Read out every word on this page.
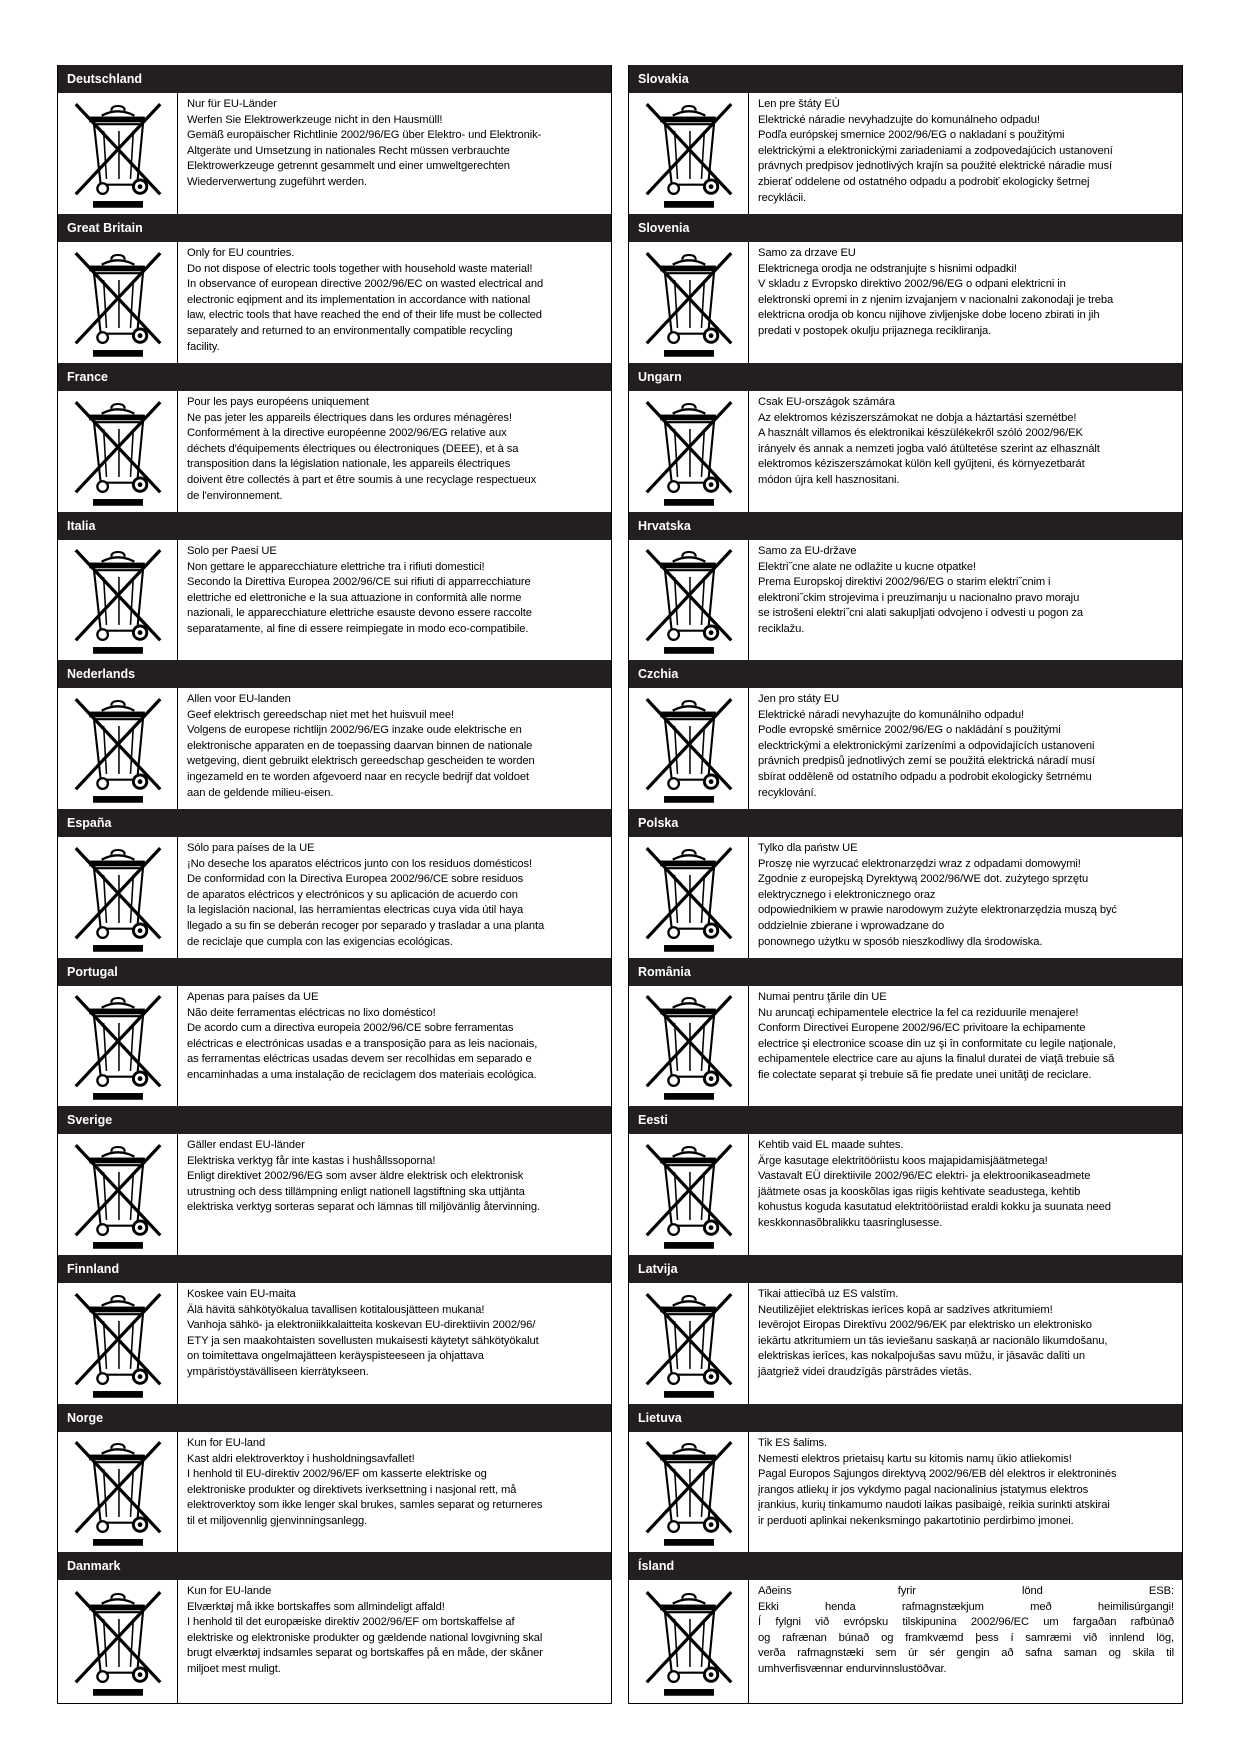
Deutschland
Nur für EU-Länder
Werfen Sie Elektrowerkzeuge nicht in den Hausmüll!
Gemäß europäischer Richtlinie 2002/96/EG über Elektro- und Elektronik-
Altgeräte und Umsetzung in nationales Recht müssen verbrauchte
Elektrowerkzeuge getrennt gesammelt und einer umweltgerechten
Wiederverwertung zugeführt werden.
Great Britain
Only for EU countries.
Do not dispose of electric tools together with household waste material!
In observance of european directive 2002/96/EC on wasted electrical and
electronic eqipment and its implementation in accordance with national
law, electric tools that have reached the end of their life must be collected
separately and returned to an environmentally compatible recycling
facility.
France
Pour les pays européens uniquement
Ne pas jeter les appareils électriques dans les ordures ménagères!
Conformément à la directive européenne 2002/96/EG relative aux
déchets d'équipements électriques ou électroniques (DEEE), et à sa
transposition dans la législation nationale, les appareils électriques
doivent être collectés à part et être soumis à une recyclage respectueux
de l'environnement.
Italia
Solo per Paesi UE
Non gettare le apparecchiature elettriche tra i rifiuti domestici!
Secondo la Direttiva Europea 2002/96/CE sui rifiuti di apparrecchiature
elettriche ed elettroniche e la sua attuazione in conformità alle norme
nazionali, le apparecchiature elettriche esauste devono essere raccolte
separatamente, al fine di essere reimpiegate in modo eco-compatibile.
Nederlands
Allen voor EU-landen
Geef elektrisch gereedschap niet met het huisvuil mee!
Volgens de europese richtlijn 2002/96/EG inzake oude elektrische en
elektronische apparaten en de toepassing daarvan binnen de nationale
wetgeving, dient gebruikt elektrisch gereedschap gescheiden te worden
ingezameld en te worden afgevoerd naar en recycle bedrijf dat voldoet
aan de geldende milieu-eisen.
España
Sólo para países de la UE
¡No deseche los aparatos eléctricos junto con los residuos domésticos!
De conformidad con la Directiva Europea 2002/96/CE sobre residuos
de aparatos eléctricos y electrónicos y su aplicación de acuerdo con
la legislación nacional, las herramientas electricas cuya vida útil haya
llegado a su fin se deberán recoger por separado y trasladar a una planta
de reciclaje que cumpla con las exigencias ecológicas.
Portugal
Apenas para países da UE
Não deite ferramentas eléctricas no lixo doméstico!
De acordo cum a directiva europeia 2002/96/CE sobre ferramentas
eléctricas e electrónicas usadas e a transposição para as leis nacionais,
as ferramentas eléctricas usadas devem ser recolhidas em separado e
encaminhadas a uma instalação de reciclagem dos materiais ecológica.
Sverige
Gäller endast EU-länder
Elektriska verktyg får inte kastas i hushållssoporna!
Enligt direktivet 2002/96/EG som avser äldre elektrisk och elektronisk
utrustning och dess tillämpning enligt nationell lagstiftning ska uttjänta
elektriska verktyg sorteras separat och lämnas till miljövänlig återvinning.
Finnland
Koskee vain EU-maita
Älä hävitä sähkötyökalua tavallisen kotitalousjätteen mukana!
Vanhoja sähkö- ja elektroniikkalaitteita koskevan EU-direktiivin 2002/96/
ETY ja sen maakohtaisten sovellusten mukaisesti käytetyt sähkötyökalut
on toimitettava ongelmajätteen keräyspisteeseen ja ohjattava
ympäristöystävälliseen kierrätykseen.
Norge
Kun for EU-land
Kast aldri elektroverktoy i husholdningsavfallet!
I henhold til EU-direktiv 2002/96/EF om kasserte elektriske og
elektroniske produkter og direktivets iverksettning i nasjonal rett, må
elektroverktoy som ikke lenger skal brukes, samles separat og returneres
til et miljovennlig gjenvinningsanlegg.
Danmark
Kun for EU-lande
Elværktøj må ikke bortskaffes som allmindeligt affald!
I henhold til det europæiske direktiv 2002/96/EF om bortskaffelse af
elektriske og elektroniske produkter og gældende national lovgivning skal
brugt elværktøj indsamles separat og bortskaffes på en måde, der skåner
miljoet mest muligt.
Slovakia
Len pre štáty EÚ
Elektrické náradie nevyhadzujte do komunálneho odpadu!
Podľa európskej smernice 2002/96/EG o nakladaní s použitými
elektrickými a elektronickými zariadeniami a zodpovedajúcich ustanovení
právnych predpisov jednotlivých krajín sa použité elektrické náradie musí
zbierať oddelene od ostatného odpadu a podrobiť ekologicky šetrnej
recyklácii.
Slovenia
Samo za drzave EU
Elektricnega orodja ne odstranjujte s hisnimi odpadki!
V skladu z Evropsko direktivo 2002/96/EG o odpani elektricni in
elektronski opremi in z njenim izvajanjem v nacionalni zakonodaji je treba
elektricna orodja ob koncu nijihove zivljenjske dobe loceno zbirati in jih
predati v postopek okulju prijaznega recikliranja.
Ungarn
Csak EU-országok számára
Az elektromos kéziszerszámokat ne dobja a háztartási szemétbe!
A használt villamos és elektronikai készülékekről szóló 2002/96/EK
irányelv és annak a nemzeti jogba való átültetése szerint az elhasznált
elektromos kéziszerszámokat külön kell gyűjteni, és környezetbarát
módon újra kell hasznositani.
Hrvatska
Samo za EU-države
Elektri˝cne alate ne odlažite u kucne otpatke!
Prema Europskoj direktivi 2002/96/EG o starim elektri˝cnim i
elektroni˝ckim strojevima i preuzimanju u nacionalno pravo moraju
se istrošeni elektri˝cni alati sakupljati odvojeno i odvesti u pogon za
reciklažu.
Czchia
Jen pro státy EU
Elektrické náradi nevyhazujte do komunálniho odpadu!
Podle evropské směrnice 2002/96/EG o nakládání s použitými
elecktrickými a elektronickými zarízeními a odpovidajících ustanoveni
právnich predpisů jednotlivých zemí se použitá elektrická náradí musí
sbírat odděleně od ostatního odpadu a podrobit ekologicky šetrnému
recyklování.
Polska
Tylko dla państw UE
Proszę nie wyrzucać elektronarzędzi wraz z odpadami domowymi!
Zgodnie z europejską Dyrektywą 2002/96/WE dot. zużytego sprzętu
elektrycznego i elektronicznego oraz
odpowiednikiem w prawie narodowym zużyte elektronarzędzia muszą być
oddzielnie zbierane i wprowadzane do
ponownego użytku w sposób nieszkodliwy dla środowiska.
România
Numai pentru ţările din UE
Nu aruncaţi echipamentele electrice la fel ca reziduurile menajere!
Conform Directivei Europene 2002/96/EC privitoare la echipamente
electrice şi electronice scoase din uz şi în conformitate cu legile naţionale,
echipamentele electrice care au ajuns la finalul duratei de viaţă trebuie să
fie colectate separat şi trebuie să fie predate unei unităţi de reciclare.
Eesti
Kehtib vaid EL maade suhtes.
Ärge kasutage elektritööriistu koos majapidamisjäätmetega!
Vastavalt EÜ direktiivile 2002/96/EC elektri- ja elektroonikaseadmete
jäätmete osas ja kooskõlas igas riigis kehtivate seadustega, kehtib
kohustus koguda kasutatud elektritööriistad eraldi kokku ja suunata need
keskkonnasõbralikku taasringlusesse.
Latvija
Tikai attiecībā uz ES valstīm.
Neutilizējiet elektriskas ierīces kopā ar sadzīves atkritumiem!
Ievērojot Eiropas Direktīvu 2002/96/EK par elektrisko un elektronisko
iekārtu atkritumiem un tās ieviešanu saskaņā ar nacionālo likumdošanu,
elektriskas ierīces, kas nokalpojušas savu mūžu, ir jāsavāc dalīti un
jāatgriež videi draudzīgās pārstrādes vietās.
Lietuva
Tik ES šalims.
Nemesti elektros prietaisų kartu su kitomis namų ūkio atliekomis!
Pagal Europos Sąjungos direktyvą 2002/96/EB dėl elektros ir elektroninės
įrangos atliekų ir jos vykdymo pagal nacionalinius įstatymus elektros
įrankius, kurių tinkamumo naudoti laikas pasibaigė, reikia surinkti atskirai
ir perduoti aplinkai nekenksmingo pakartotinio perdirbimo įmonei.
Ísland
Aðeins fyrir lönd ESB:
Ekki henda rafmagnstækjum með heimilisúrgangi!
Í fylgni við evrópsku tilskipunina 2002/96/EC um fargaðan rafbúnað
og rafrænan búnað og framkvæmd þess í samræmi við innlend lög,
verða rafmagnstæki sem úr sér gengin að safna saman og skila til
umhverfisvænnar endurvinnslustöðvar.
